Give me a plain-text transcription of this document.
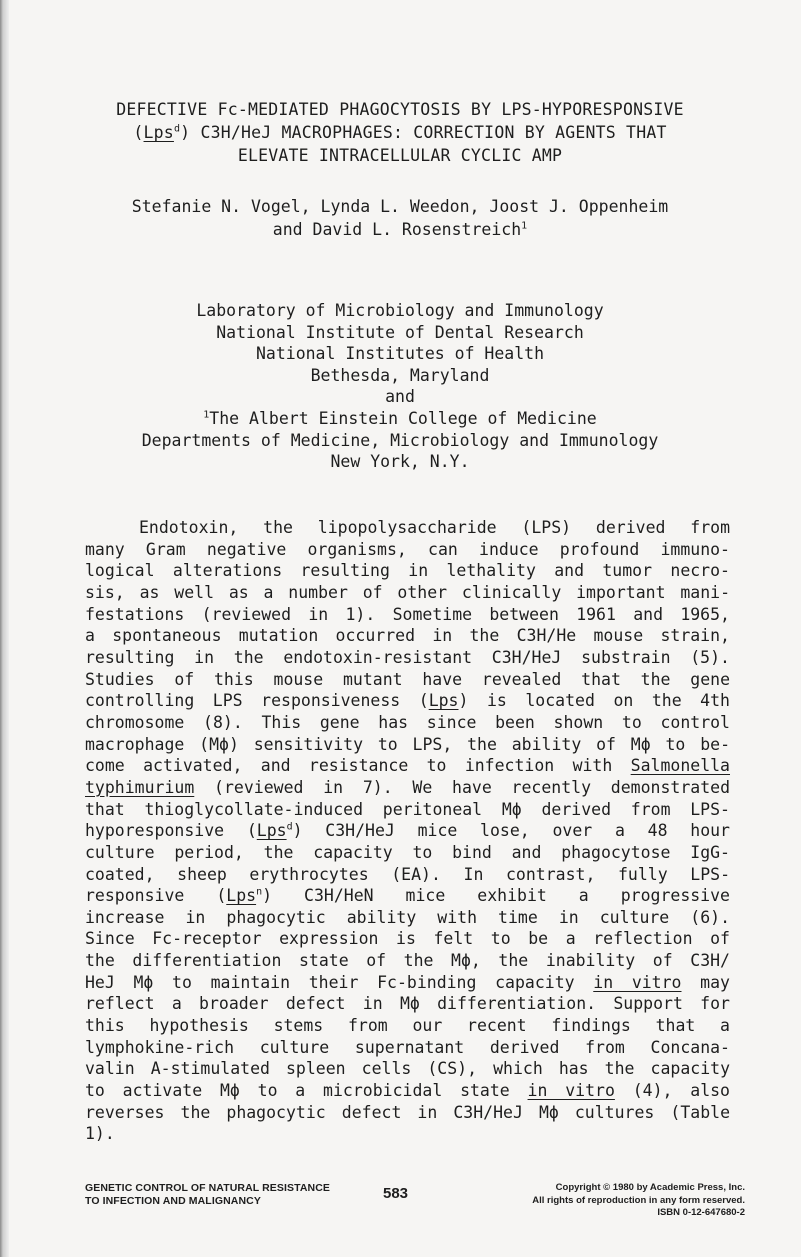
DEFECTIVE Fc-MEDIATED PHAGOCYTOSIS BY LPS-HYPORESPONSIVE
(Lps$^d$) C3H/HeJ MACROPHAGES: CORRECTION BY AGENTS THAT
ELEVATE INTRACELLULAR CYCLIC AMP
Stefanie N. Vogel, Lynda L. Weedon, Joost J. Oppenheim
and David L. Rosenstreich$^1$
Laboratory of Microbiology and Immunology
National Institute of Dental Research
National Institutes of Health
Bethesda, Maryland
and
$^1$The Albert Einstein College of Medicine
Departments of Medicine, Microbiology and Immunology
New York, N.Y.
Endotoxin, the lipopolysaccharide (LPS) derived from
many Gram negative organisms, can induce profound immuno-
logical alterations resulting in lethality and tumor necro-
sis, as well as a number of other clinically important mani-
festations (reviewed in 1). Sometime between 1961 and 1965,
a spontaneous mutation occurred in the C3H/He mouse strain,
resulting in the endotoxin-resistant C3H/HeJ substrain (5).
Studies of this mouse mutant have revealed that the gene
controlling LPS responsiveness (Lps) is located on the 4th
chromosome (8). This gene has since been shown to control
macrophage (Mϕ) sensitivity to LPS, the ability of Mϕ to be-
come activated, and resistance to infection with Salmonella
typhimurium (reviewed in 7). We have recently demonstrated
that thioglycollate-induced peritoneal Mϕ derived from LPS-
hyporesponsive (Lps$^d$) C3H/HeJ mice lose, over a 48 hour
culture period, the capacity to bind and phagocytose IgG-
coated, sheep erythrocytes (EA). In contrast, fully LPS-
responsive (Lps$^n$) C3H/HeN mice exhibit a progressive
increase in phagocytic ability with time in culture (6).
Since Fc-receptor expression is felt to be a reflection of
the differentiation state of the Mϕ, the inability of C3H/
HeJ Mϕ to maintain their Fc-binding capacity in vitro may
reflect a broader defect in Mϕ differentiation. Support for
this hypothesis stems from our recent findings that a
lymphokine-rich culture supernatant derived from Concana-
valin A-stimulated spleen cells (CS), which has the capacity
to activate Mϕ to a microbicidal state in vitro (4), also
reverses the phagocytic defect in C3H/HeJ Mϕ cultures (Table
1).
GENETIC CONTROL OF NATURAL RESISTANCE
TO INFECTION AND MALIGNANCY	583	Copyright © 1980 by Academic Press, Inc.
All rights of reproduction in any form reserved.
ISBN 0-12-647680-2
